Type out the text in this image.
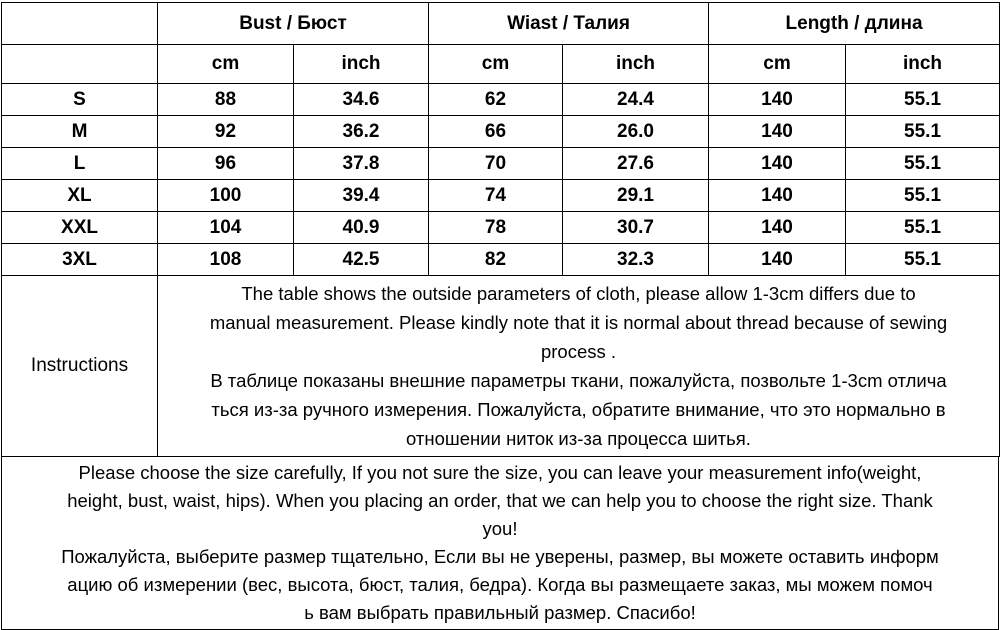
	Bust / Бюст		Wiast / Талия		Length / длина	
	cm	inch	cm	inch	cm	inch
S	88	34.6	62	24.4	140	55.1
M	92	36.2	66	26.0	140	55.1
L	96	37.8	70	27.6	140	55.1
XL	100	39.4	74	29.1	140	55.1
XXL	104	40.9	78	30.7	140	55.1
3XL	108	42.5	82	32.3	140	55.1
Instructions	
The table shows the outside parameters of cloth, please allow 1-3cm differs due to
manual measurement. Please kindly note that it is normal about thread because of sewing
process .
В таблице показаны внешние параметры ткани, пожалуйста, позвольте 1-3cm отлича
ться из-за ручного измерения. Пожалуйста, обратите внимание, что это нормально в
отношении ниток из-за процесса шитья.
Please choose the size carefully, If you not sure the size, you can leave your measurement info(weight,
height, bust, waist, hips). When you placing an order, that we can help you to choose the right size. Thank
you!
Пожалуйста, выберите размер тщательно, Если вы не уверены, размер, вы можете оставить информ
ацию об измерении (вес, высота, бюст, талия, бедра). Когда вы размещаете заказ, мы можем помоч
ь вам выбрать правильный размер. Спасибо!
